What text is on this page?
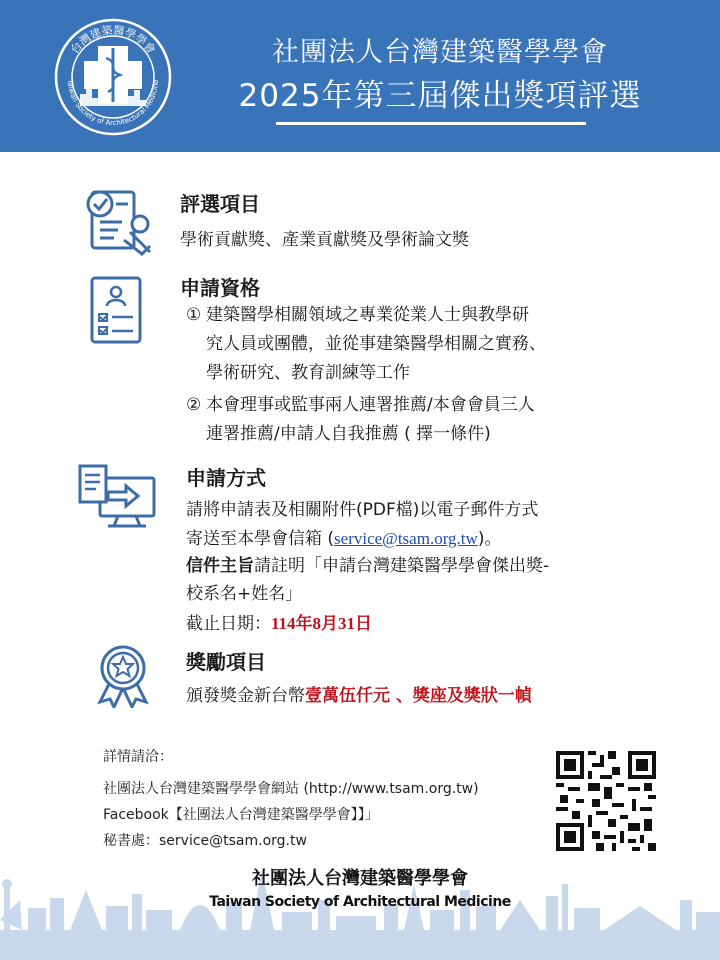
台灣建築醫學學會
Taiwan Society of Architectural Medicine
社團法人台灣建築醫學學會
2025年第三屆傑出獎項評選
評選項目
學術貢獻獎、產業貢獻獎及學術論文獎
申請資格
① 建築醫學相關領域之專業從業人士與教學研
究人員或團體，並從事建築醫學相關之實務、
學術研究、教育訓練等工作
② 本會理事或監事兩人連署推薦/本會會員三人
連署推薦/申請人自我推薦 ( 擇一條件)
申請方式
請將申請表及相關附件(PDF檔)以電子郵件方式
寄送至本學會信箱 (service@tsam.org.tw)。
信件主旨請註明「申請台灣建築醫學學會傑出獎-
校系名+姓名」
截止日期：114年8月31日
獎勵項目
頒發獎金新台幣壹萬伍仟元 、獎座及獎狀一幀
詳情請洽：
社團法人台灣建築醫學學會網站 (http://www.tsam.org.tw)
Facebook【社團法人台灣建築醫學學會】】」
秘書處：service@tsam.org.tw
社團法人台灣建築醫學學會
Taiwan Society of Architectural Medicine
